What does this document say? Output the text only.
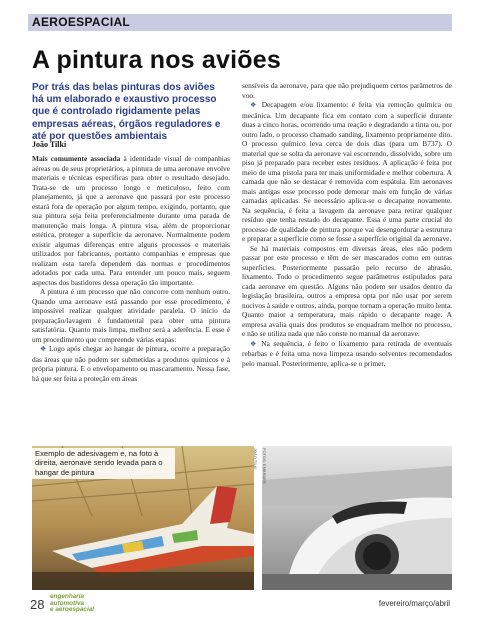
AEROESPACIAL
A pintura nos aviões
Por trás das belas pinturas dos aviões há um elaborado e exaustivo processo que é controlado rigidamente pelas empresas aéreas, órgãos reguladores e até por questões ambientais
João Tilki

Mais comumente associada à identidade visual de companhias aéreas ou de seus proprietários, a pintura de uma aeronave envolve materiais e técnicas específicas para obter o resultado desejado. Trata-se de um processo longo e meticuloso, feito com planejamento, já que a aeronave que passará por este processo estará fora de operação por algum tempo, exigindo, portanto, que sua pintura seja feita preferencialmente durante uma parada de manutenção mais longa. A pintura visa, além de proporcionar estética, proteger a superfície da aeronave. Normalmente podem existir algumas diferenças entre alguns processos e materiais utilizados por fabricantes, portanto companhias e empresas que realizam esta tarefa dependem das normas e procedimentos adotados por cada uma. Para entender um pouco mais, seguem aspectos dos bastidores dessa operação tão importante.

A pintura é um processo que não concorre com nenhum outro. Quando uma aeronave está passando por esse procedimento, é impossível realizar qualquer atividade paralela. O início da preparação/lavagem é fundamental para obter uma pintura satisfatória. Quanto mais limpa, melhor será a aderência. E esse é um procedimento que compreende várias etapas:

❖ Logo após chegar ao hangar de pintura, ocorre a preparação das áreas que não podem ser submetidas a produtos químicos e à própria pintura. E o envelopamento ou mascaramento. Nessa fase, há que ser feita a proteção em áreas

sensíveis da aeronave, para que não prejudiquem certos parâmetros de voo.

❖ Decapagem e/ou lixamento: é feita via remoção química ou mecânica. Um decapante fica em contato com a superfície durante duas a cinco horas, ocorrendo uma reação e degradando a tinta ou, por outro lado, o processo chamado sanding, lixamento propriamente dito. O processo químico leva cerca de dois dias (para um B737). O material que se solta da aeronave vai escorrendo, dissolvido, sobre um piso já preparado para receber estes resíduos. A aplicação é feita por meio de uma pistola para ter mais uniformidade e melhor cobertura. A camada que não se destacar é removida com espátula. Em aeronaves mais antigas esse processo pode demorar mais em função de várias camadas aplicadas. Se necessário aplica-se o decapante novamente. Na sequência, é feita a lavagem da aeronave para retirar qualquer resíduo que tenha restado do decapante. Essa é uma parte crucial do processo de qualidade de pintura porque vai desengordurar a estrutura e preparar a superfície como se fosse a superfície original da aeronave.

Se há materiais compostos em diversas áreas, eles não podem passar por este processo e têm de ser mascarados como em outras superfícies. Posteriormente passarão pelo recurso de abrasão, lixamento. Todo o procedimento segue parâmetros estipulados para cada aeronave em questão. Alguns não podem ser usados dentro da legislação brasileira, outros a empresa opta por não usar por serem nocivos à saúde e outros, ainda, porque tornam a operação muito lenta. Quanto maior a temperatura, mais rápido o decapante reage. A empresa avalia quais dos produtos se enquadram melhor no processo, e não se utiliza nada que não conste no manual da aeronave.

❖ Na sequência, é feito o lixamento para retirada de eventuais rebarbas e é feita uma nova limpeza usando solventes recomendados pelo manual. Posteriormente, aplica-se o primer,

Exemplo de adesivagem e, na foto à direita, aeronave sendo levada para o hangar de pintura
JOÃO TILKI FOTOS: EMBRAER
28
engenharia
automotiva
e aeroespacial
fevereiro/março/abril
